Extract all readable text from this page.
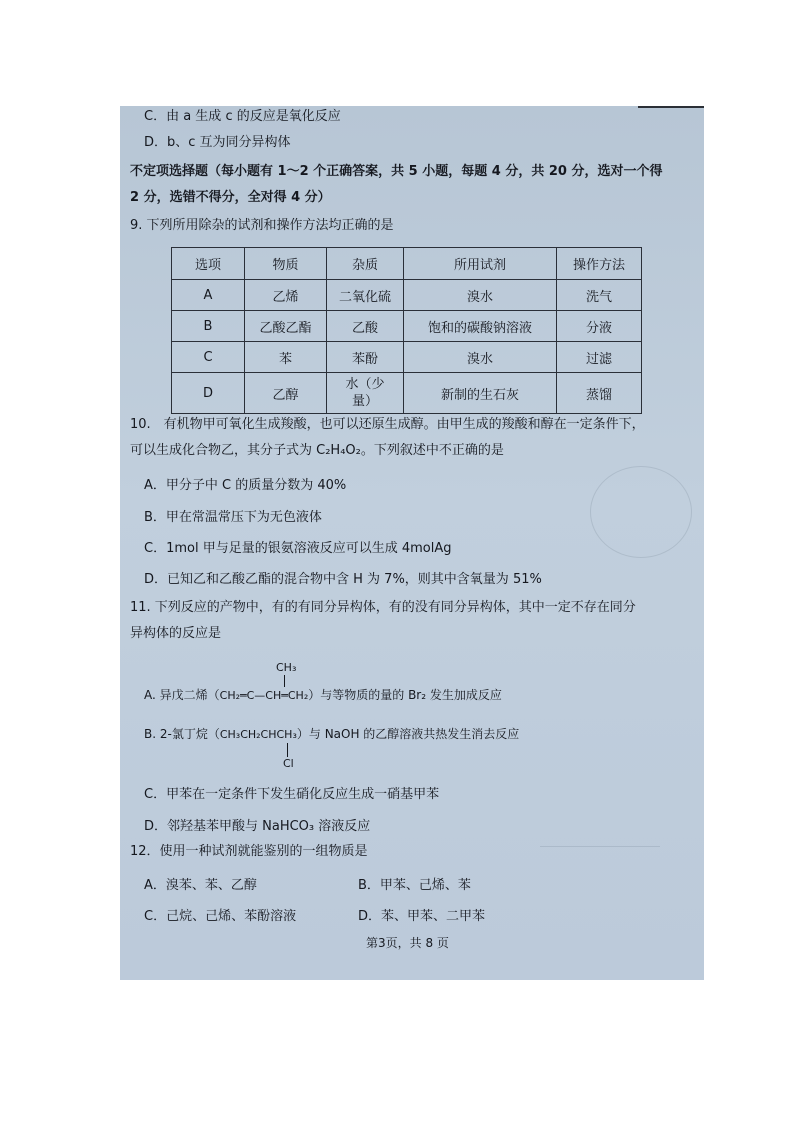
C．由 a 生成 c 的反应是氧化反应
D．b、c 互为同分异构体
不定项选择题（每小题有 1～2 个正确答案，共 5 小题，每题 4 分，共 20 分，选对一个得
2 分，选错不得分，全对得 4 分）
9. 下列所用除杂的试剂和操作方法均正确的是
选项	物质	杂质	所用试剂	操作方法
A	乙烯	二氧化硫	溴水	洗气
B	乙酸乙酯	乙酸	饱和的碳酸钠溶液	分液
C	苯	苯酚	溴水	过滤
D	乙醇	水（少量）	新制的生石灰	蒸馏
10.　有机物甲可氧化生成羧酸，也可以还原生成醇。由甲生成的羧酸和醇在一定条件下，
可以生成化合物乙，其分子式为 C₂H₄O₂。下列叙述中不正确的是
A．甲分子中 C 的质量分数为 40%
B．甲在常温常压下为无色液体
C．1mol 甲与足量的银氨溶液反应可以生成 4molAg
D．已知乙和乙酸乙酯的混合物中含 H 为 7%，则其中含氧量为 51%
11. 下列反应的产物中，有的有同分异构体，有的没有同分异构体，其中一定不存在同分
异构体的反应是
CH₃
A. 异戊二烯（CH₂═C—CH═CH₂）与等物质的量的 Br₂ 发生加成反应
B. 2-氯丁烷（CH₃CH₂CHCH₃）与 NaOH 的乙醇溶液共热发生消去反应
Cl
C．甲苯在一定条件下发生硝化反应生成一硝基甲苯
D．邻羟基苯甲酸与 NaHCO₃ 溶液反应
12．使用一种试剂就能鉴别的一组物质是
A．溴苯、苯、乙醇	B．甲苯、己烯、苯
C．己烷、己烯、苯酚溶液	D．苯、甲苯、二甲苯
第3页，共 8 页
